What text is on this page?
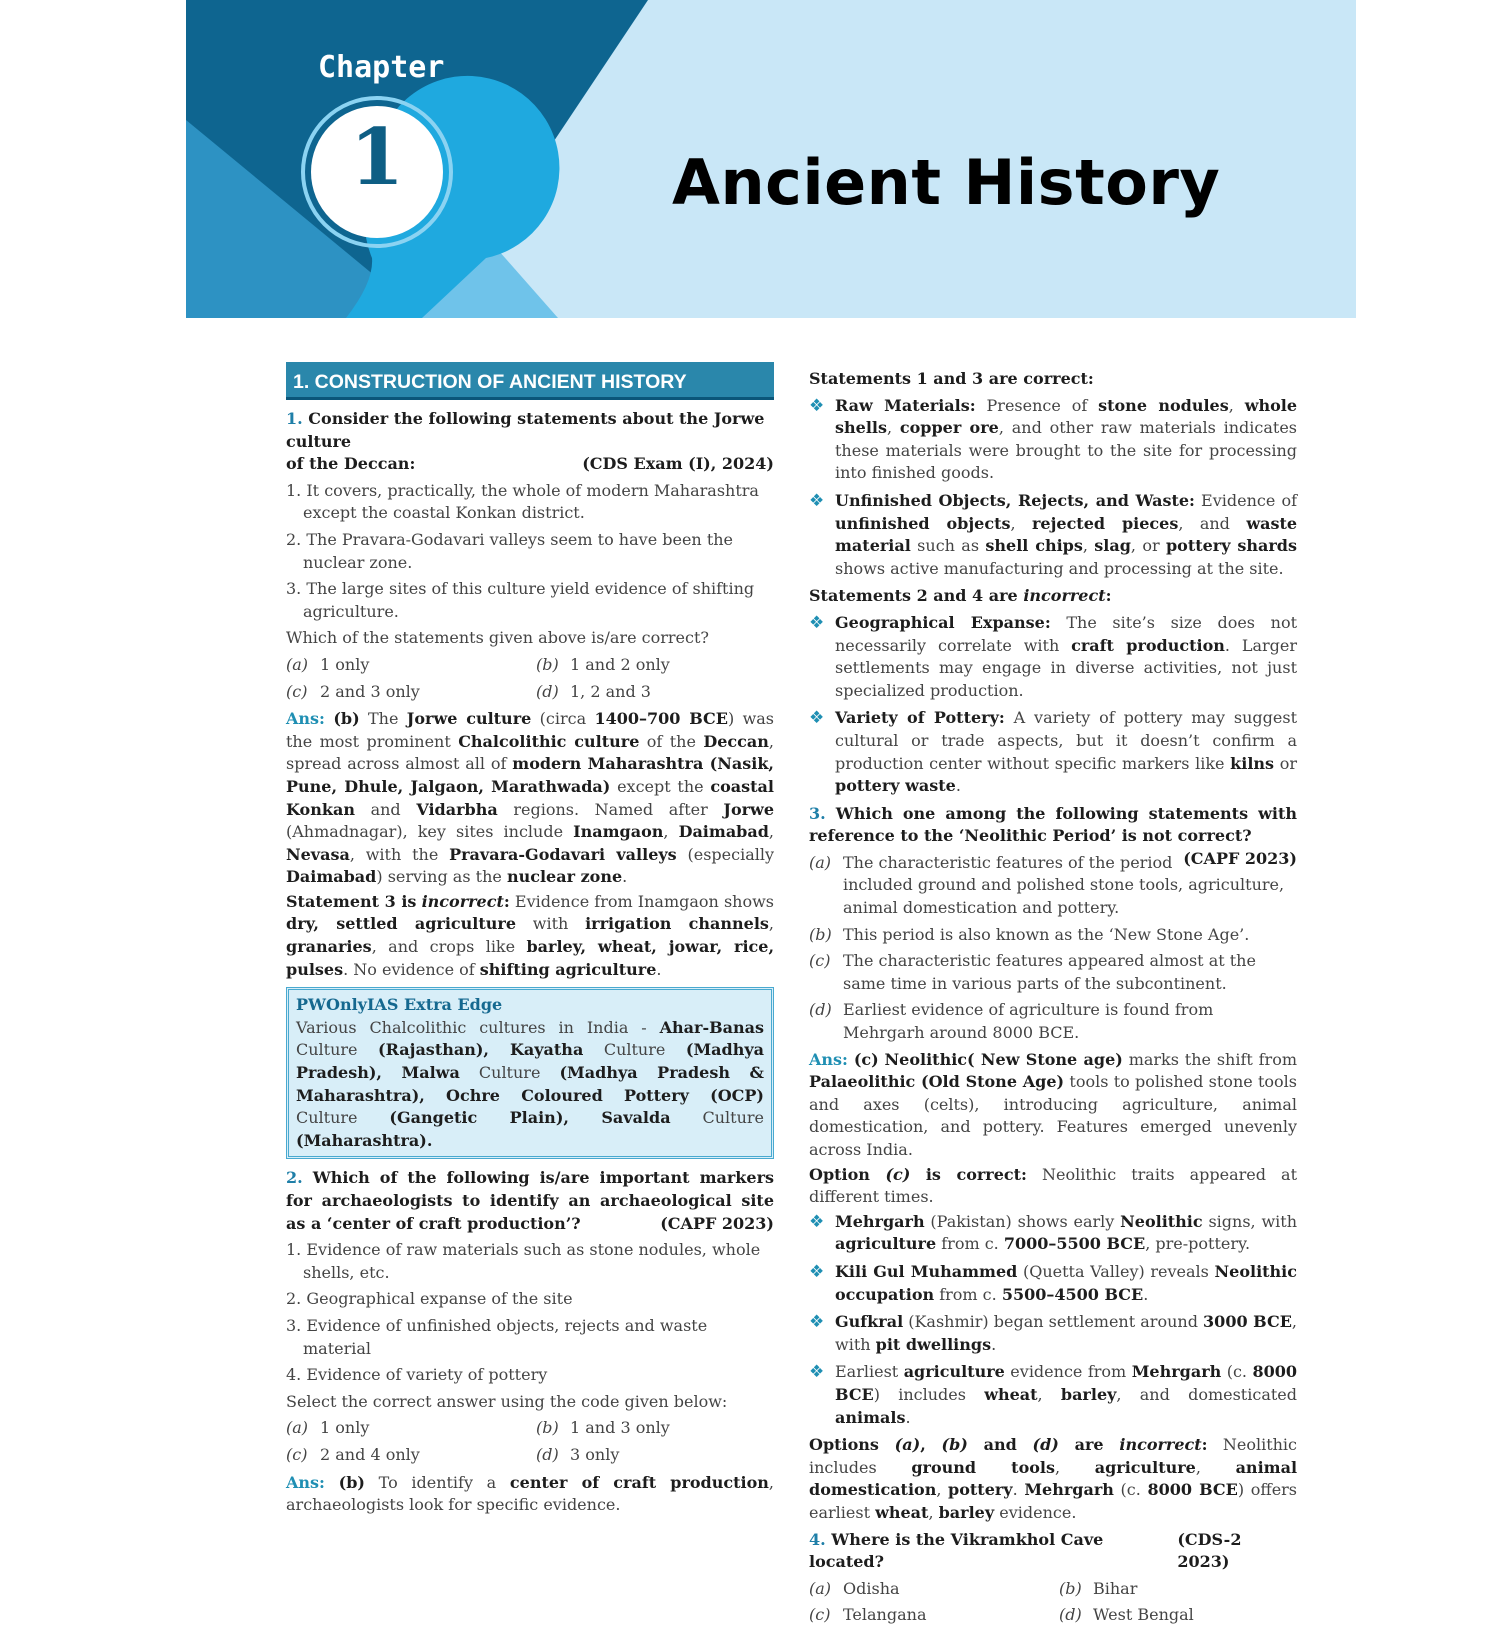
Chapter
1	Ancient History
1. CONSTRUCTION OF ANCIENT HISTORY
1. Consider the following statements about the Jorwe culture
of the Deccan:	(CDS Exam (I), 2024)
1. It covers, practically, the whole of modern Maharashtra except the coastal Konkan district.
2. The Pravara-Godavari valleys seem to have been the nuclear zone.
3. The large sites of this culture yield evidence of shifting agriculture.
Which of the statements given above is/are correct?
(a) 1 only	(b) 1 and 2 only
(c) 2 and 3 only	(d) 1, 2 and 3

Ans: (b) The Jorwe culture (circa 1400–700 BCE) was the most prominent Chalcolithic culture of the Deccan, spread across almost all of modern Maharashtra (Nasik, Pune, Dhule, Jalgaon, Marathwada) except the coastal Konkan and Vidarbha regions. Named after Jorwe (Ahmadnagar), key sites include Inamgaon, Daimabad, Nevasa, with the Pravara-Godavari valleys (especially Daimabad) serving as the nuclear zone.

Statement 3 is incorrect: Evidence from Inamgaon shows dry, settled agriculture with irrigation channels, granaries, and crops like barley, wheat, jowar, rice, pulses. No evidence of shifting agriculture.

PWOnlyIAS Extra Edge

Various Chalcolithic cultures in India - Ahar-Banas Culture (Rajasthan), Kayatha Culture (Madhya Pradesh), Malwa Culture (Madhya Pradesh & Maharashtra), Ochre Coloured Pottery (OCP) Culture (Gangetic Plain), Savalda Culture (Maharashtra).

2. Which of the following is/are important markers for archaeologists to identify an archaeological site as a ‘center of craft production’?	(CAPF 2023)

1. Evidence of raw materials such as stone nodules, whole shells, etc.
2. Geographical expanse of the site
3. Evidence of unfinished objects, rejects and waste material
4. Evidence of variety of pottery
Select the correct answer using the code given below:
(a) 1 only	(b) 1 and 3 only
(c) 2 and 4 only	(d) 3 only

Ans: (b) To identify a center of craft production, archaeologists look for specific evidence.

Statements 1 and 3 are correct:

❖ Raw Materials: Presence of stone nodules, whole shells, copper ore, and other raw materials indicates these materials were brought to the site for processing into finished goods.

❖ Unfinished Objects, Rejects, and Waste: Evidence of unfinished objects, rejected pieces, and waste material such as shell chips, slag, or pottery shards shows active manufacturing and processing at the site.

Statements 2 and 4 are incorrect:

❖ Geographical Expanse: The site’s size does not necessarily correlate with craft production. Larger settlements may engage in diverse activities, not just specialized production.

❖ Variety of Pottery: A variety of pottery may suggest cultural or trade aspects, but it doesn’t confirm a production center without specific markers like kilns or pottery waste.

3. Which one among the following statements with reference to the ‘Neolithic Period’ is not correct?
(CAPF 2023)

(a) The characteristic features of the period included ground and polished stone tools, agriculture, animal domestication and pottery.
(b) This period is also known as the ‘New Stone Age’.
(c) The characteristic features appeared almost at the same time in various parts of the subcontinent.
(d) Earliest evidence of agriculture is found from Mehrgarh around 8000 BCE.

Ans: (c) Neolithic( New Stone age) marks the shift from Palaeolithic (Old Stone Age) tools to polished stone tools and axes (celts), introducing agriculture, animal domestication, and pottery. Features emerged unevenly across India.

Option (c) is correct: Neolithic traits appeared at different times.

❖ Mehrgarh (Pakistan) shows early Neolithic signs, with agriculture from c. 7000–5500 BCE, pre-pottery.

❖ Kili Gul Muhammed (Quetta Valley) reveals Neolithic occupation from c. 5500–4500 BCE.

❖ Gufkral (Kashmir) began settlement around 3000 BCE, with pit dwellings.

❖ Earliest agriculture evidence from Mehrgarh (c. 8000 BCE) includes wheat, barley, and domesticated animals.

Options (a), (b) and (d) are incorrect: Neolithic includes ground tools, agriculture, animal domestication, pottery. Mehrgarh (c. 8000 BCE) offers earliest wheat, barley evidence.

4. Where is the Vikramkhol Cave located?
(CDS-2 2023)
(a) Odisha	(b) Bihar
(c) Telangana	(d) West Bengal
